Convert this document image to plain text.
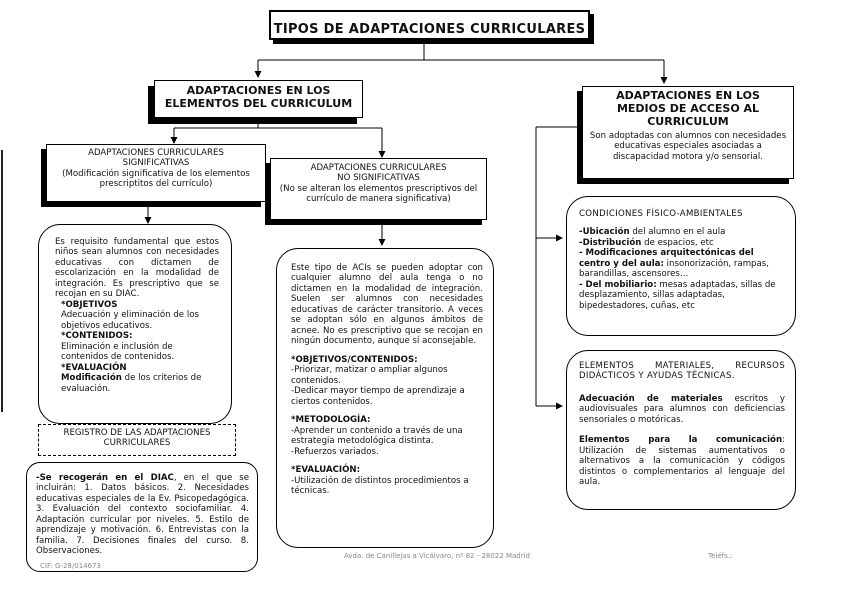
TIPOS DE ADAPTACIONES CURRICULARES
ADAPTACIONES EN LOS
ELEMENTOS DEL CURRICULUM
ADAPTACIONES EN LOS
MEDIOS DE ACCESO AL
CURRICULUM
Son adoptadas con alumnos con necesidades educativas especiales asociadas a discapacidad motora y/o sensorial.
ADAPTACIONES CURRICULARES
SIGNIFICATIVAS
(Modificación significativa de los elementos prescriptitos del currículo)
ADAPTACIONES CURRICULARES
NO SIGNIFICATIVAS
(No se alteran los elementos prescriptivos del currículo de manera significativa)
Es requisito fundamental que estos niños sean alumnos con necesidades educativas con dictamen de escolarización en la modalidad de integración. Es prescriptivo que se recojan en su DIAC.
*OBJETIVOS
Adecuación y eliminación de los objetivos educativos.
*CONTENIDOS:
Eliminación e inclusión de contenidos de contenidos.
*EVALUACIÓN
Modificación de los criterios de evaluación.
REGISTRO DE LAS ADAPTACIONES
CURRICULARES
-Se recogerán en el DIAC, en el que se incluirán: 1. Datos básicos. 2. Necesidades educativas especiales de la Ev. Psicopedagógica. 3. Evaluación del contexto sociofamiliar. 4. Adaptación curricular por niveles. 5. Estilo de aprendizaje y motivación. 6. Entrevistas con la familia. 7. Decisiones finales del curso. 8. Observaciones.
Este tipo de ACIs se pueden adoptar con cualquier alumno del aula tenga o no dictamen en la modalidad de integración. Suelen ser alumnos con necesidades educativas de carácter transitorio. A veces se adoptan sólo en algunos ámbitos de acnee. No es prescriptivo que se recojan en ningún documento, aunque sí aconsejable.
*OBJETIVOS/CONTENIDOS:
-Priorizar, matizar o ampliar algunos contenidos.
-Dedicar mayor tiempo de aprendizaje a ciertos contenidos.
*METODOLOGÍA:
-Aprender un contenido a través de una estrategia metodológica distinta.
-Refuerzos variados.
*EVALUACIÓN:
-Utilización de distintos procedimientos a técnicas.
CONDICIONES FÍSICO-AMBIENTALES
-Ubicación del alumno en el aula
-Distribución de espacios, etc
- Modificaciones arquitectónicas del centro y del aula: insonorización, rampas, barandillas, ascensores…
- Del mobiliario: mesas adaptadas, sillas de desplazamiento, sillas adaptadas, bipedestadores, cuñas, etc
ELEMENTOS MATERIALES, RECURSOS DIDÁCTICOS Y AYUDAS TÉCNICAS.
Adecuación de materiales escritos y audiovisuales para alumnos con deficiencias sensoriales o motóricas.
Elementos para la comunicación: Utilización de sistemas aumentativos o alternativos a la comunicación y códigos distintos o complementarios al lenguaje del aula.
CIF: G-28/014673
Avda. de Canillejas a Vicálvaro, nº 82 - 28022 Madrid	Teléfs.:
